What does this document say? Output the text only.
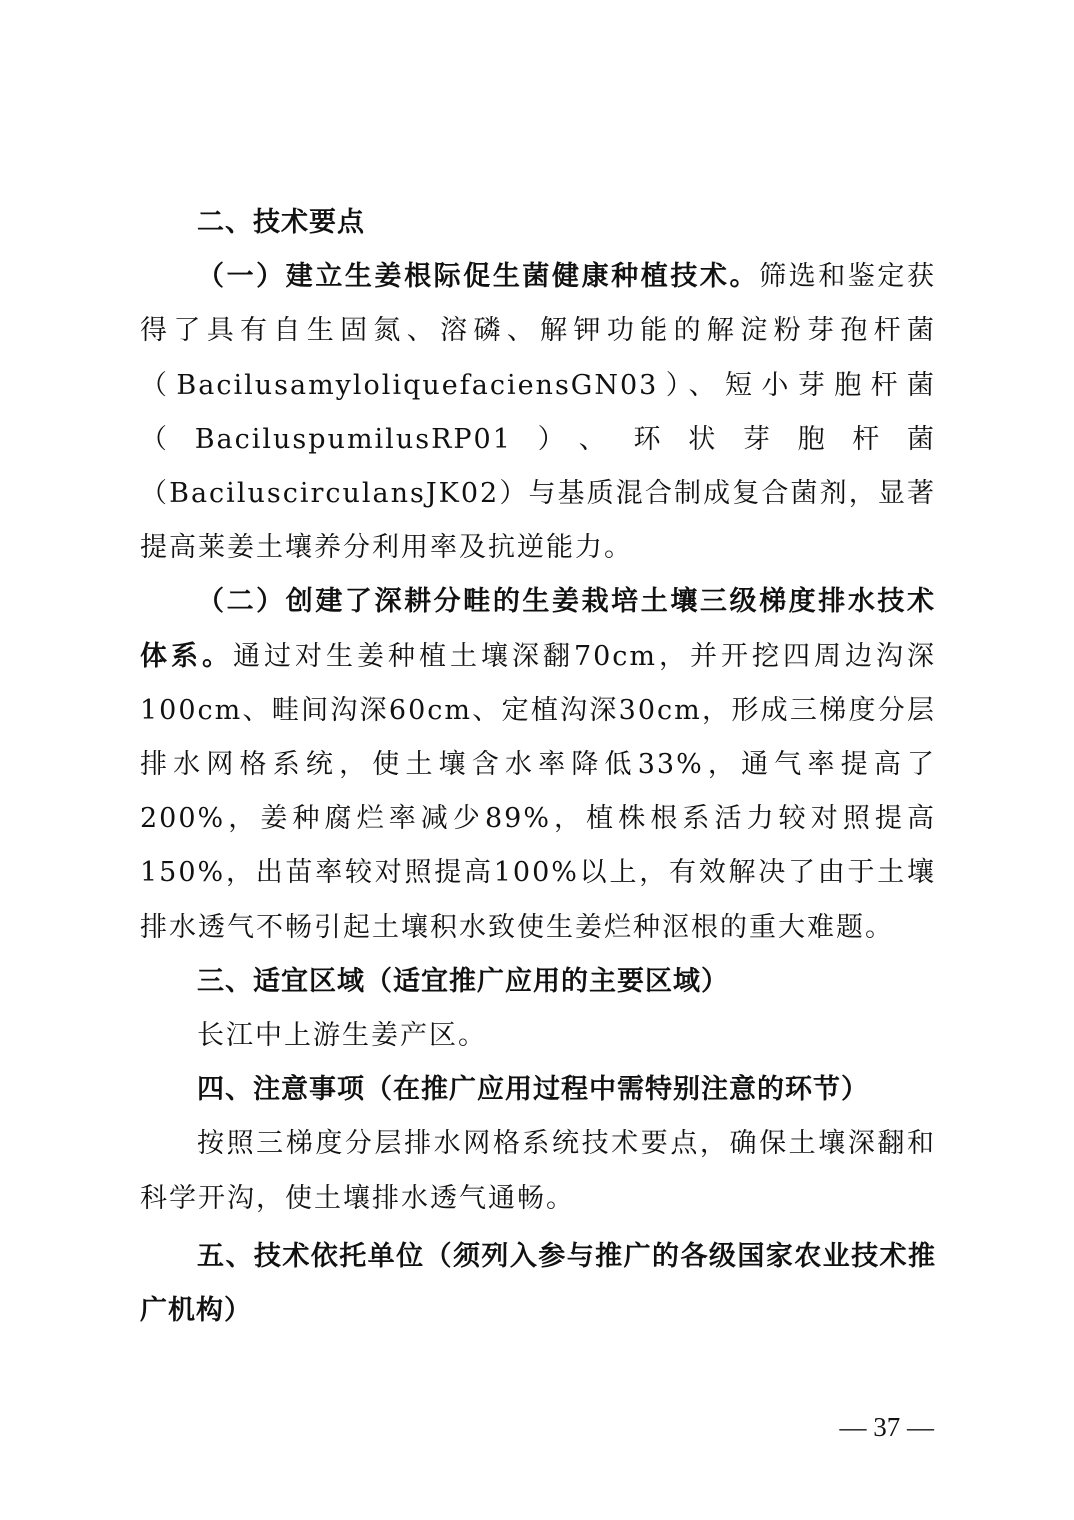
二、技术要点

（一）建立生姜根际促生菌健康种植技术。筛选和鉴定获得了具有自生固氮、溶磷、解钾功能的解淀粉芽孢杆菌（BacilusamyloliquefaciensGN03）、短小芽胞杆菌（BaciluspumilusRP01）、环状芽胞杆菌（BaciluscirculansJK02）与基质混合制成复合菌剂，显著提高莱姜土壤养分利用率及抗逆能力。

（二）创建了深耕分畦的生姜栽培土壤三级梯度排水技术体系。通过对生姜种植土壤深翻70cm，并开挖四周边沟深100cm、畦间沟深60cm、定植沟深30cm，形成三梯度分层排水网格系统，使土壤含水率降低33%，通气率提高了200%，姜种腐烂率减少89%，植株根系活力较对照提高150%，出苗率较对照提高100%以上，有效解决了由于土壤排水透气不畅引起土壤积水致使生姜烂种沤根的重大难题。

三、适宜区域（适宜推广应用的主要区域）

长江中上游生姜产区。

四、注意事项（在推广应用过程中需特别注意的环节）

按照三梯度分层排水网格系统技术要点，确保土壤深翻和科学开沟，使土壤排水透气通畅。

五、技术依托单位（须列入参与推广的各级国家农业技术推广机构）

— 37 —
